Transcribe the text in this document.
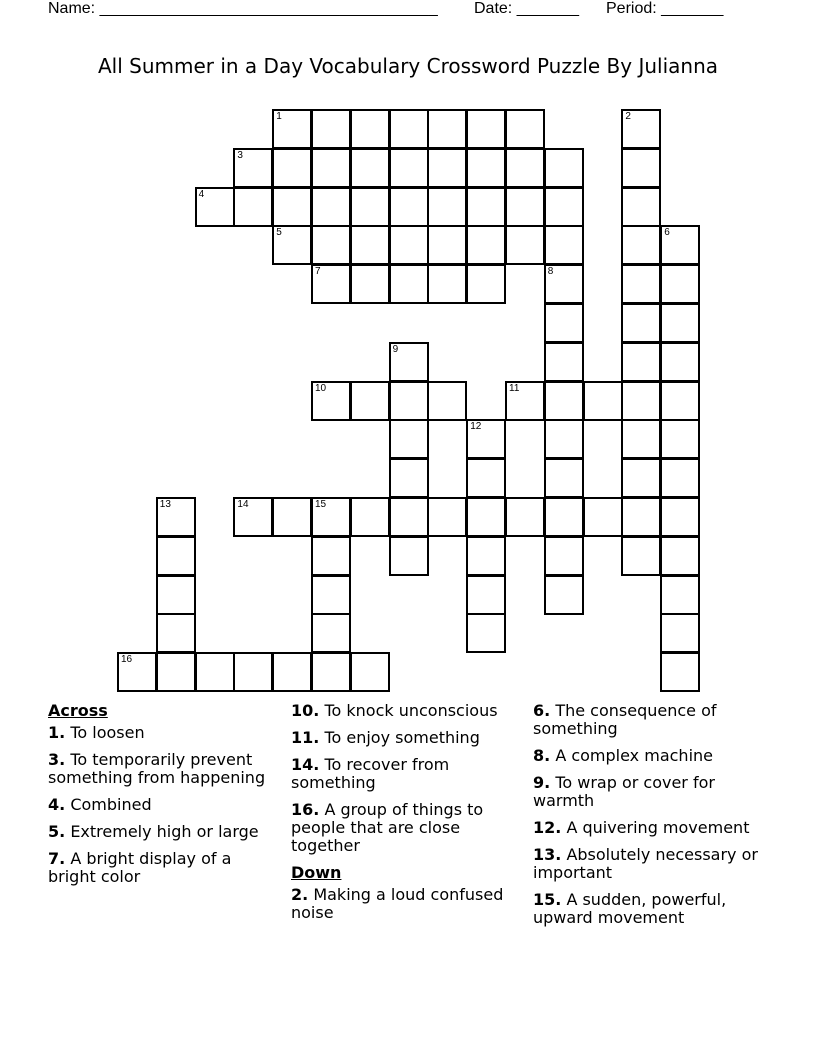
Name: ______________________________________ Date: _______ Period: _______
All Summer in a Day Vocabulary Crossword Puzzle By Julianna
1	2
3
4
5	6
7	8
9
10	11
12
13	14	15
16
Across
1. To loosen
3. To temporarily prevent something from happening
4. Combined
5. Extremely high or large
7. A bright display of a bright color
10. To knock unconscious
11. To enjoy something
14. To recover from something
16. A group of things to people that are close together
Down
2. Making a loud confused noise
6. The consequence of something
8. A complex machine
9. To wrap or cover for warmth
12. A quivering movement
13. Absolutely necessary or important
15. A sudden, powerful, upward movement
